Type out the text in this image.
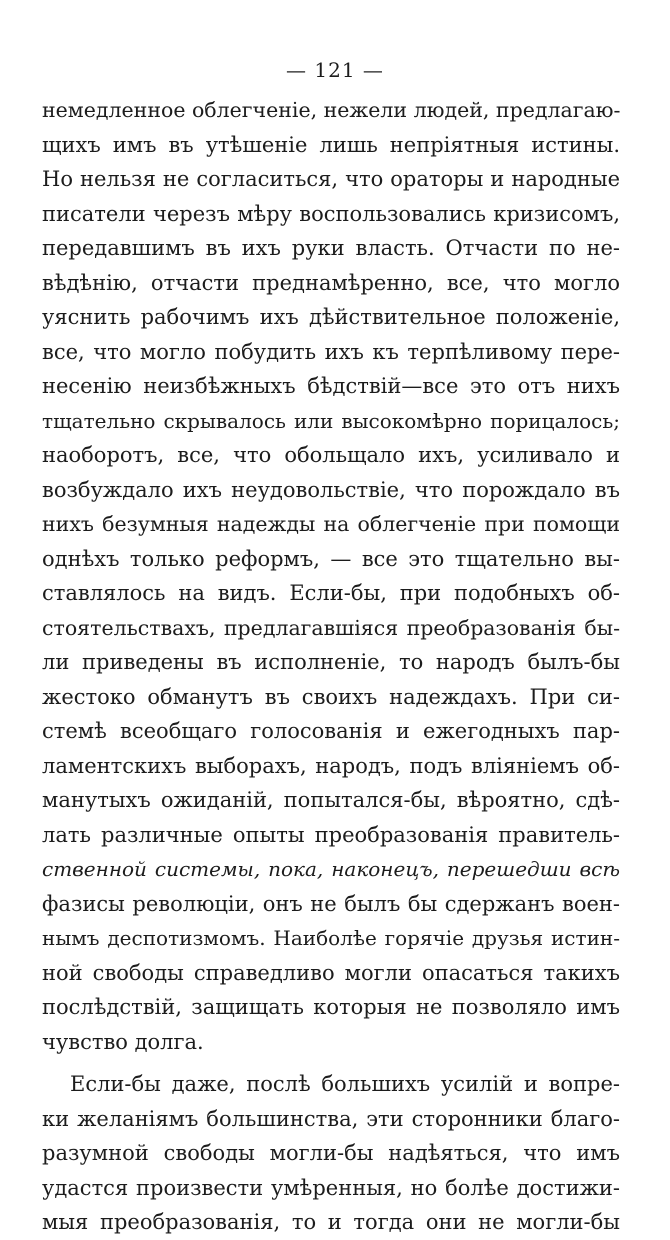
— 121 —
немедленное облегченіе, нежели людей, предлагаю-
щихъ имъ въ утѣшеніе лишь непріятныя истины.
Но нельзя не согласиться, что ораторы и народные
писатели черезъ мѣру воспользовались кризисомъ,
передавшимъ въ ихъ руки власть. Отчасти по не-
вѣдѣнію, отчасти преднамѣренно, все, что могло
уяснить рабочимъ ихъ дѣйствительное положеніе,
все, что могло побудить ихъ къ терпѣливому пере-
несенію неизбѣжныхъ бѣдствій—все это отъ нихъ
тщательно скрывалось или высокомѣрно порицалось;
наоборотъ, все, что обольщало ихъ, усиливало и
возбуждало ихъ неудовольствіе, что порождало въ
нихъ безумныя надежды на облегченіе при помощи
однѣхъ только реформъ, — все это тщательно вы-
ставлялось на видъ. Если-бы, при подобныхъ об-
стоятельствахъ, предлагавшіяся преобразованія бы-
ли приведены въ исполненіе, то народъ былъ-бы
жестоко обманутъ въ своихъ надеждахъ. При си-
стемѣ всеобщаго голосованія и ежегодныхъ пар-
ламентскихъ выборахъ, народъ, подъ вліяніемъ об-
манутыхъ ожиданій, попытался-бы, вѣроятно, сдѣ-
лать различные опыты преобразованія правитель-
ственной системы, пока, наконецъ, перешедши всѣ
фазисы революціи, онъ не былъ бы сдержанъ воен-
нымъ деспотизмомъ. Наиболѣе горячіе друзья истин-
ной свободы справедливо могли опасаться такихъ
послѣдствій, защищать которыя не позволяло имъ
чувство долга.
Если-бы даже, послѣ большихъ усилій и вопре-
ки желаніямъ большинства, эти сторонники благо-
разумной свободы могли-бы надѣяться, что имъ
удастся произвести умѣренныя, но болѣе достижи-
мыя преобразованія, то и тогда они не могли-бы
